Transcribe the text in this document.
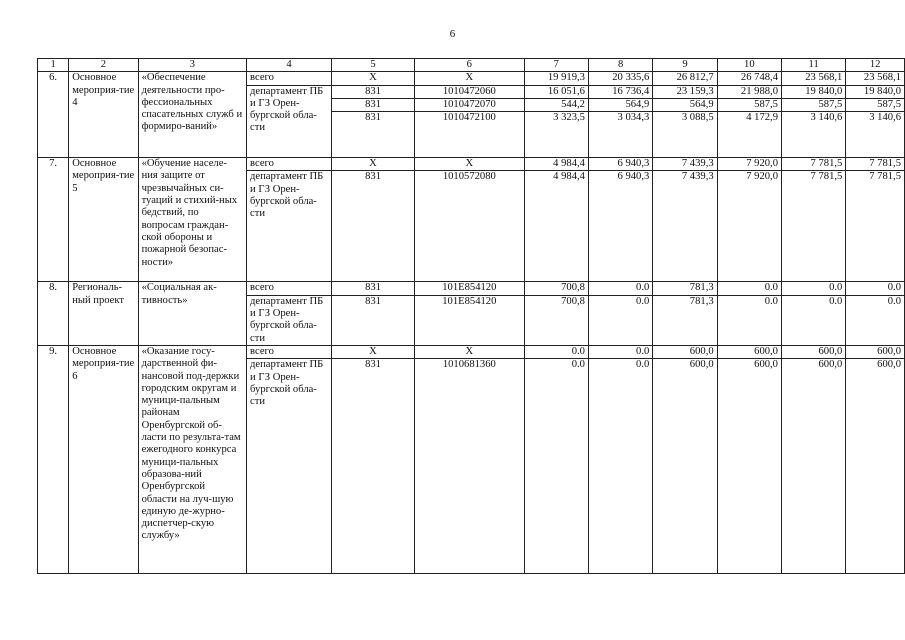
6
1	2	3	4	5	6	7	8	9	10	11	12
6.	Основное мероприя-тие 4	«Обеспечение деятельности про-фессиональных спасательных служб и формиро-ваний»	всего	X	X	19 919,3	20 335,6	26 812,7	26 748,4	23 568,1	23 568,1
			департамент ПБ и ГЗ Орен-бургской обла-сти	831	1010472060	16 051,6	16 736,4	23 159,3	21 988,0	19 840,0	19 840,0
				831	1010472070	544,2	564,9	564,9	587,5	587,5	587,5
				831	1010472100	3 323,5	3 034,3	3 088,5	4 172,9	3 140,6	3 140,6
7.	Основное мероприя-тие 5	«Обучение населе-ния защите от чрезвычайных си-туаций и стихий-ных бедствий, по вопросам граждан-ской обороны и пожарной безопас-ности»	всего	X	X	4 984,4	6 940,3	7 439,3	7 920,0	7 781,5	7 781,5
			департамент ПБ и ГЗ Орен-бургской обла-сти	831	1010572080	4 984,4	6 940,3	7 439,3	7 920,0	7 781,5	7 781,5
8.	Региональ-ный проект	«Социальная ак-тивность»	всего	831	101E854120	700,8	0.0	781,3	0.0	0.0	0.0
			департамент ПБ и ГЗ Орен-бургской обла-сти	831	101E854120	700,8	0.0	781,3	0.0	0.0	0.0
9.	Основное мероприя-тие 6	«Оказание госу-дарственной фи-нансовой под-держки городским округам и муници-пальным районам Оренбургской об-ласти по результа-там ежегодного конкурса муници-пальных образова-ний Оренбургской области на луч-шую единую де-журно-диспетчер-скую службу»	всего	X	X	0.0	0.0	600,0	600,0	600,0	600,0
			департамент ПБ и ГЗ Орен-бургской обла-сти	831	1010681360	0.0	0.0	600,0	600,0	600,0	600,0
